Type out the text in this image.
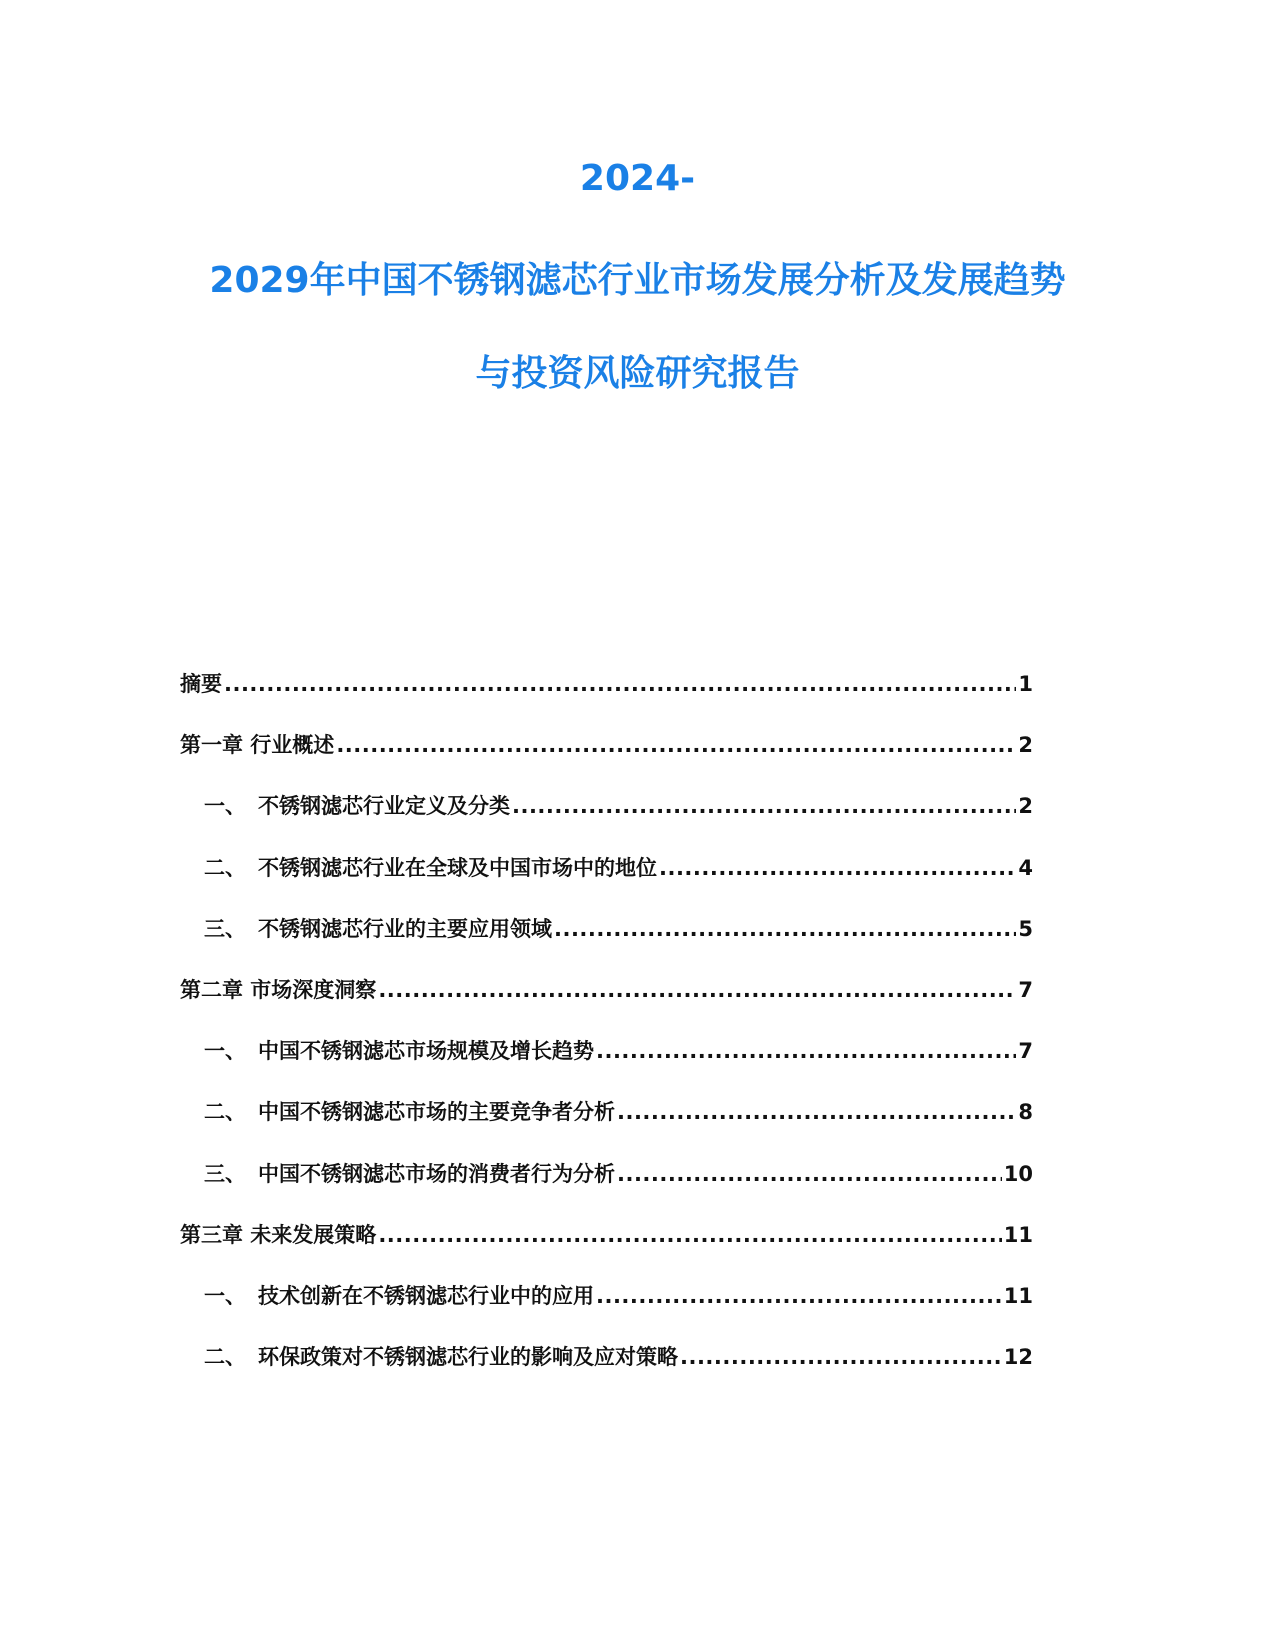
2024-
2029年中国不锈钢滤芯行业市场发展分析及发展趋势
与投资风险研究报告
摘要 .....	1
第一章 行业概述 .....	2
一、 不锈钢滤芯行业定义及分类 .....	2
二、 不锈钢滤芯行业在全球及中国市场中的地位 .....	4
三、 不锈钢滤芯行业的主要应用领域 .....	5
第二章 市场深度洞察 .....	7
一、 中国不锈钢滤芯市场规模及增长趋势 .....	7
二、 中国不锈钢滤芯市场的主要竞争者分析 .....	8
三、 中国不锈钢滤芯市场的消费者行为分析 .....	10
第三章 未来发展策略 .....	11
一、 技术创新在不锈钢滤芯行业中的应用 .....	11
二、 环保政策对不锈钢滤芯行业的影响及应对策略 .....	12
